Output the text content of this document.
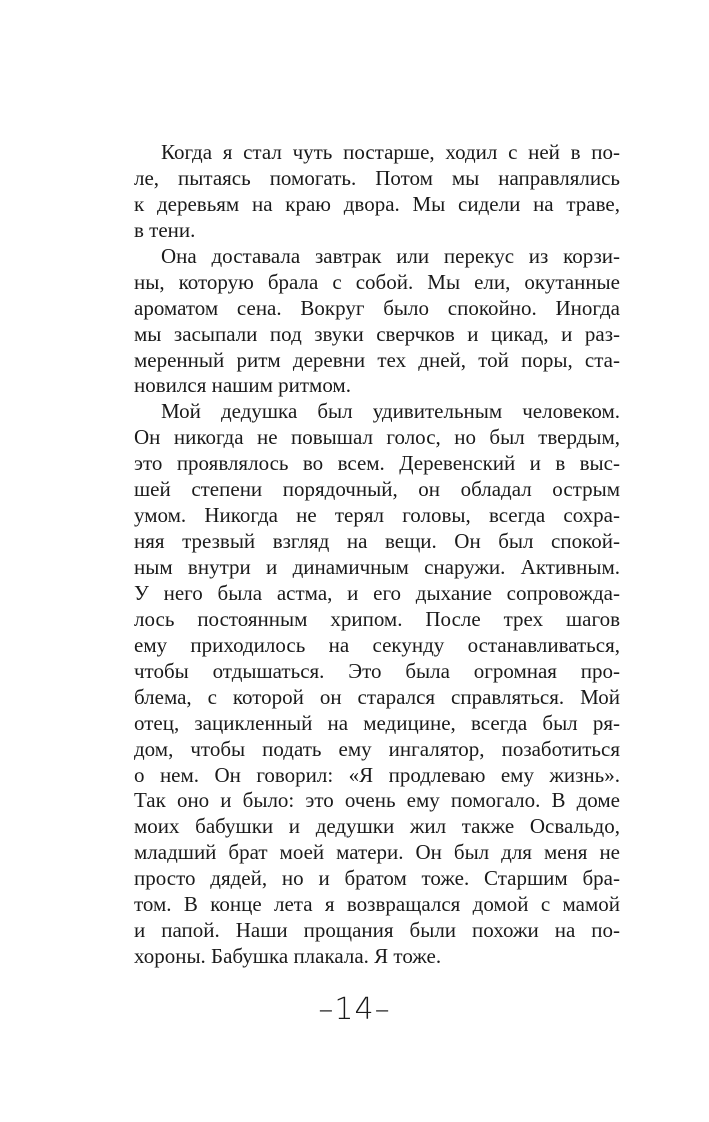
Когда я стал чуть постарше, ходил с ней в по-
ле, пытаясь помогать. Потом мы направлялись
к деревьям на краю двора. Мы сидели на траве,
в тени.
Она доставала завтрак или перекус из корзи-
ны, которую брала с собой. Мы ели, окутанные
ароматом сена. Вокруг было спокойно. Иногда
мы засыпали под звуки сверчков и цикад, и раз-
меренный ритм деревни тех дней, той поры, ста-
новился нашим ритмом.
Мой дедушка был удивительным человеком.
Он никогда не повышал голос, но был твердым,
это проявлялось во всем. Деревенский и в выс-
шей степени порядочный, он обладал острым
умом. Никогда не терял головы, всегда сохра-
няя трезвый взгляд на вещи. Он был спокой-
ным внутри и динамичным снаружи. Активным.
У него была астма, и его дыхание сопровожда-
лось постоянным хрипом. После трех шагов
ему приходилось на секунду останавливаться,
чтобы отдышаться. Это была огромная про-
блема, с которой он старался справляться. Мой
отец, зацикленный на медицине, всегда был ря-
дом, чтобы подать ему ингалятор, позаботиться
о нем. Он говорил: «Я продлеваю ему жизнь».
Так оно и было: это очень ему помогало. В доме
моих бабушки и дедушки жил также Освальдо,
младший брат моей матери. Он был для меня не
просто дядей, но и братом тоже. Старшим бра-
том. В конце лета я возвращался домой с мамой
и папой. Наши прощания были похожи на по-
хороны. Бабушка плакала. Я тоже.
–14–
